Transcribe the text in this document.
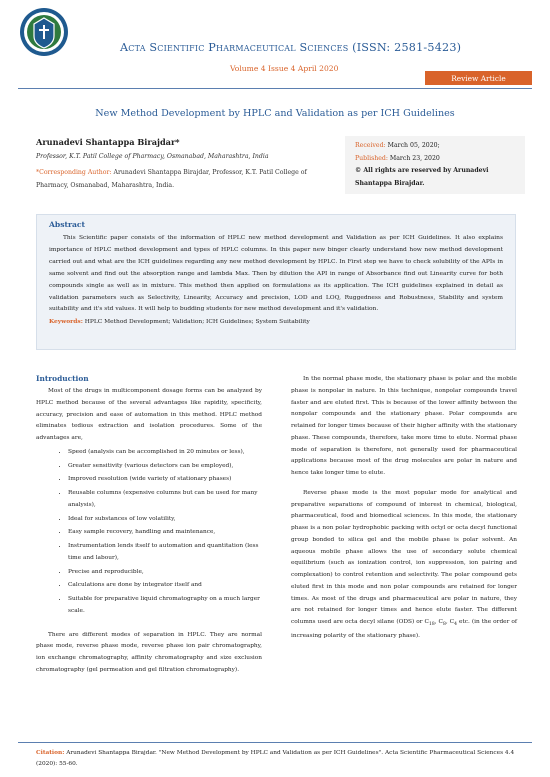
Acta Scientific Pharmaceutical Sciences (ISSN: 2581-5423)
Volume 4 Issue 4 April 2020
Review Article
New Method Development by HPLC and Validation as per ICH Guidelines
Arunadevi Shantappa Birajdar*
Professor, K.T. Patil College of Pharmacy, Osmanabad, Maharashtra, India
*Corresponding Author: Arunadevi Shantappa Birajdar, Professor, K.T. Patil College of Pharmacy, Osmanabad, Maharashtra, India.
Received: March 05, 2020;
Published: March 23, 2020
© All rights are reserved by Arunadevi Shantappa Birajdar.
Abstract
This Scientific paper consists of the information of HPLC new method development and Validation as per ICH Guidelines. It also explains importance of HPLC method development and types of HPLC columns. In this paper new binger clearly understand how new method development carried out and what are the ICH guidelines regarding any new method development by HPLC. In First step we have to check solubility of the APIs in same solvent and find out the absorption range and lambda Max. Then by dilution the API in range of Absorbance find out Linearity curve for both compounds single as well as in mixture. This method then applied on formulations as its application. The ICH guidelines explained in detail as validation parameters such as Selectivity, Linearity, Accuracy and precision, LOD and LOQ, Ruggedness and Robustness, Stability and system suitability and it's std values. It will help to budding students for new method development and it's validation.
Keywords: HPLC Method Development; Validation; ICH Guidelines; System Suitability
Introduction

Most of the drugs in multicomponent dosage forms can be analyzed by HPLC method because of the several advantages like rapidity, specificity, accuracy, precision and ease of automation in this method. HPLC method eliminates tedious extraction and isolation procedures. Some of the advantages are,

• Speed (analysis can be accomplished in 20 minutes or less),
• Greater sensitivity (various detectors can be employed),
• Improved resolution (wide variety of stationary phases)
• Reusable columns (expensive columns but can be used for many analysis),
• Ideal for substances of low volatility,
• Easy sample recovery, handling and maintenance,
• Instrumentation lends itself to automation and quantitation (less time and labour),
• Precise and reproducible,
• Calculations are done by integrator itself and
• Suitable for preparative liquid chromatography on a much larger scale.

There are different modes of separation in HPLC. They are normal phase mode, reverse phase mode, reverse phase ion pair chromatography, ion exchange chromatography, affinity chromatography and size exclusion chromatography (gel permeation and gel filtration chromatography).

In the normal phase mode, the stationary phase is polar and the mobile phase is nonpolar in nature. In this technique, nonpolar compounds travel faster and are eluted first. This is because of the lower affinity between the nonpolar compounds and the stationary phase. Polar compounds are retained for longer times because of their higher affinity with the stationary phase. These compounds, therefore, take more time to elute. Normal phase mode of separation is therefore, not generally used for pharmaceutical applications because most of the drug molecules are polar in nature and hence take longer time to elute.

Reverse phase mode is the most popular mode for analytical and preparative separations of compound of interest in chemical, biological, pharmaceutical, food and biomedical sciences. In this mode, the stationary phase is a non polar hydrophobic packing with octyl or octa decyl functional group bonded to silica gel and the mobile phase is polar solvent. An aqueous mobile phase allows the use of secondary solute chemical equilibrium (such as ionization control, ion suppression, ion pairing and complexation) to control retention and selectivity. The polar compound gets eluted first in this mode and non polar compounds are retained for longer times. As most of the drugs and pharmaceutical are polar in nature, they are not retained for longer times and hence elute faster. The different columns used are octa decyl silane (ODS) or $C_{18}$, $C_8$, $C_4$ etc. (in the order of increasing polarity of the stationary phase).

Citation: Arunadevi Shantappa Birajdar. "New Method Development by HPLC and Validation as per ICH Guidelines". Acta Scientific Pharmaceutical Sciences 4.4 (2020): 55-60.
